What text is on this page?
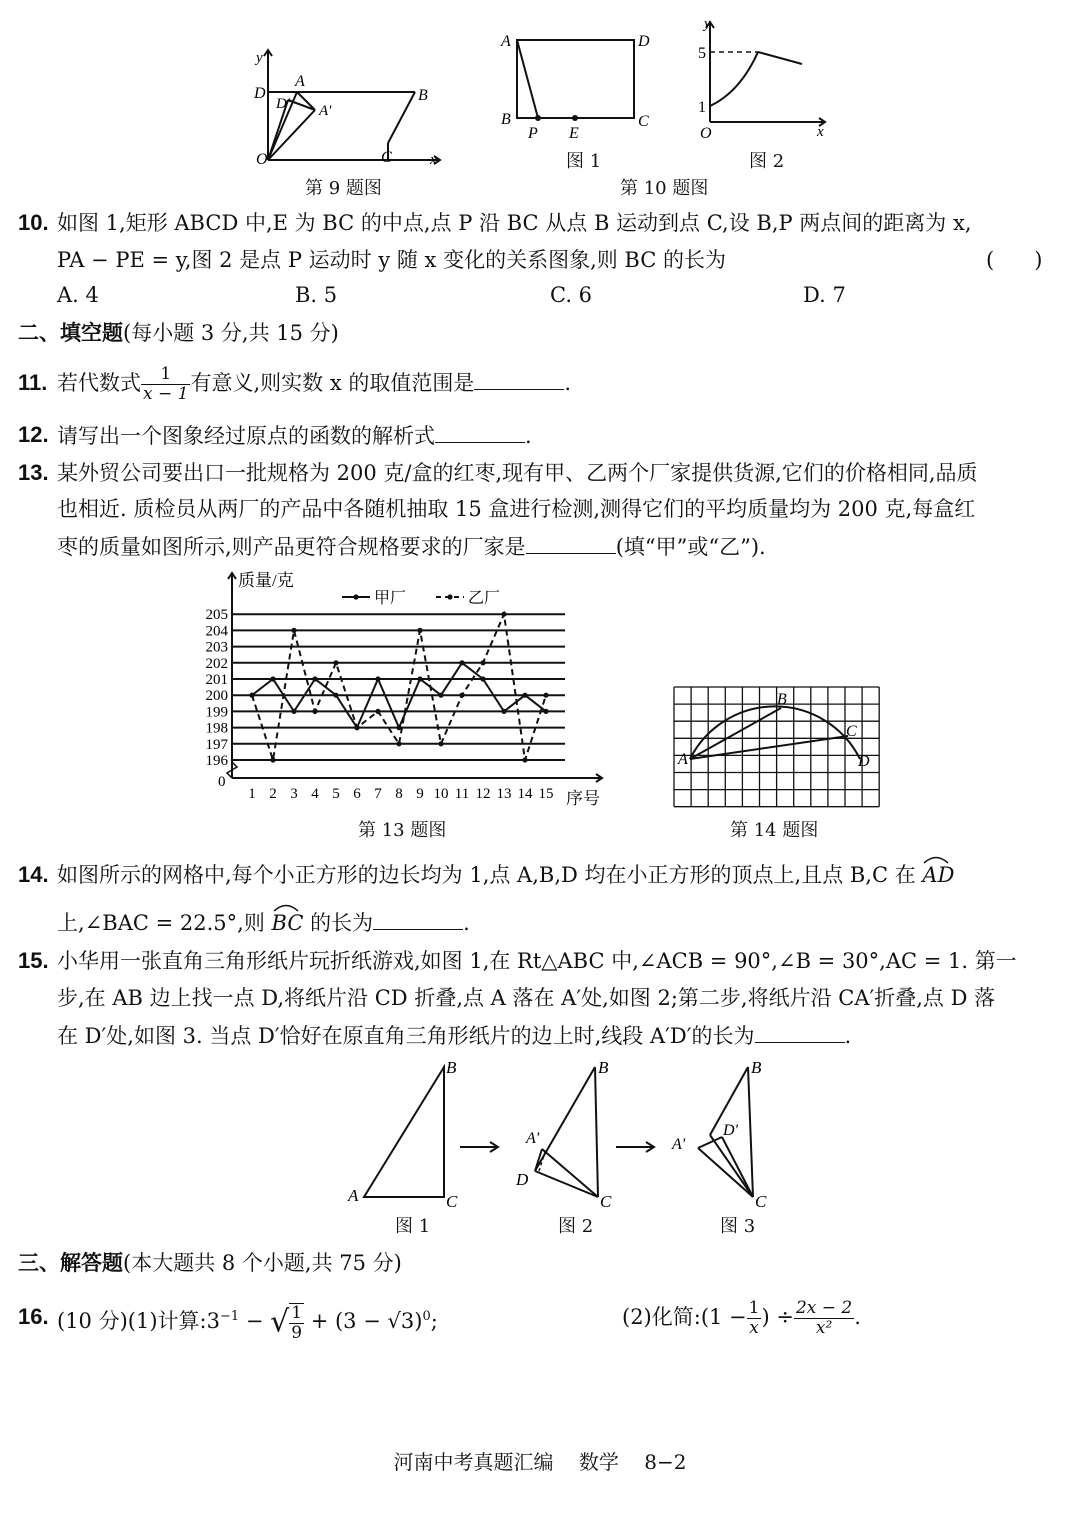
y
x
O
D
A
D' A'
B
C
第 9 题图
A	D
B	C
P E
图 1
y
x
O
5
1
图 2
第 10 题图
10. 如图 1,矩形 ABCD 中,E 为 BC 的中点,点 P 沿 BC 从点 B 运动到点 C,设 B,P 两点间的距离为 x,
PA − PE = y,图 2 是点 P 运动时 y 随 x 变化的关系图象,则 BC 的长为	(      )
A. 4	B. 5	C. 6	D. 7
二、填空题(每小题 3 分,共 15 分)
11. 若代数式 $\frac{1}{x - 1}$ 有意义,则实数 x 的取值范围是	.
12. 请写出一个图象经过原点的函数的解析式	.
13. 某外贸公司要出口一批规格为 200 克/盒的红枣,现有甲、乙两个厂家提供货源,它们的价格相同,品质
也相近. 质检员从两厂的产品中各随机抽取 15 盒进行检测,测得它们的平均质量均为 200 克,每盒红
枣的质量如图所示,则产品更符合规格要求的厂家是	(填“甲”或“乙”).
质量/克
序号
0
甲厂	乙厂
196
197
198
199
200
201
202
203
204
205
1 2 3 4 5 6 7 8 9 10 11 12 13 14 15
第 13 题图
A
B
C
D
第 14 题图
14. 如图所示的网格中,每个小正方形的边长均为 1,点 A,B,D 均在小正方形的顶点上,且点 B,C 在 AD
上,∠BAC = 22.5°,则 BC 的长为	.
15. 小华用一张直角三角形纸片玩折纸游戏,如图 1,在 Rt△ABC 中,∠ACB = 90°,∠B = 30°,AC = 1. 第一
步,在 AB 边上找一点 D,将纸片沿 CD 折叠,点 A 落在 A′处,如图 2;第二步,将纸片沿 CA′折叠,点 D 落
在 D′处,如图 3. 当点 D′恰好在原直角三角形纸片的边上时,线段 A′D′的长为	.
A
B
C
A'
D
B
C
A'
D'
B
C
图 1	图 2	图 3
三、解答题(本大题共 8 个小题,共 75 分)
16. (10 分)(1)计算$:3^{-1}$ − √ $\frac{1}{9} + (3 - √3)^0$;	(2)化简:(1 − $\frac{1}{x}$ ) ÷ $\frac{2x - 2}{\text{x²}}$ .
河南中考真题汇编    数学    8−2
